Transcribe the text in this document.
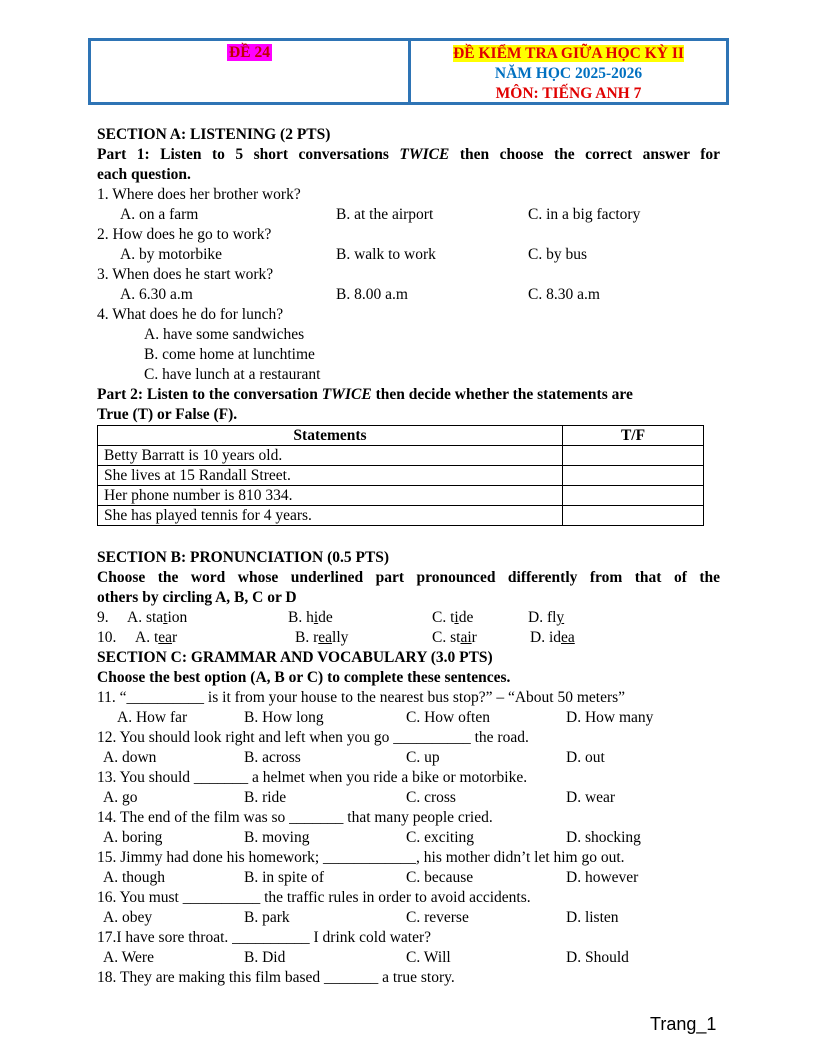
ĐỀ 24	ĐỀ KIỂM TRA GIỮA HỌC KỲ II
NĂM HỌC 2025-2026
MÔN: TIẾNG ANH 7
SECTION A: LISTENING (2 PTS)
Part 1: Listen to 5 short conversations TWICE then choose the correct answer for
each question.
1. Where does her brother work?
A. on a farm	B. at the airport	C. in a big factory
2. How does he go to work?
A. by motorbike	B. walk to work	C. by bus
3. When does he start work?
A. 6.30 a.m	B. 8.00 a.m	C. 8.30 a.m
4. What does he do for lunch?
A. have some sandwiches
B. come home at lunchtime
C. have lunch at a restaurant
Part 2: Listen to the conversation TWICE then decide whether the statements are
True (T) or False (F).
Statements	T/F
Betty Barratt is 10 years old.	
She lives at 15 Randall Street.	
Her phone number is 810 334.	
She has played tennis for 4 years.	
SECTION B: PRONUNCIATION (0.5 PTS)
Choose the word whose underlined part pronounced differently from that of the
others by circling A, B, C or D
9. A. station	B. hide	C. tide	D. fly
10. A. tear	B. really	C. stair	D. idea
SECTION C: GRAMMAR AND VOCABULARY (3.0 PTS)
Choose the best option (A, B or C) to complete these sentences.
11. “__________ is it from your house to the nearest bus stop?” – “About 50 meters”
A. How far	B. How long	C. How often	D. How many
12. You should look right and left when you go __________ the road.
A. down	B. across	C. up	D. out
13. You should _______ a helmet when you ride a bike or motorbike.
A. go	B. ride	C. cross	D. wear
14. The end of the film was so _______ that many people cried.
A. boring	B. moving	C. exciting	D. shocking
15. Jimmy had done his homework; ____________, his mother didn’t let him go out.
A. though	B. in spite of	C. because	D. however
16. You must __________ the traffic rules in order to avoid accidents.
A. obey	B. park	C. reverse	D. listen
17.I have sore throat. __________ I drink cold water?
A. Were	B. Did	C. Will	D. Should
18. They are making this film based _______ a true story.
Trang_1
